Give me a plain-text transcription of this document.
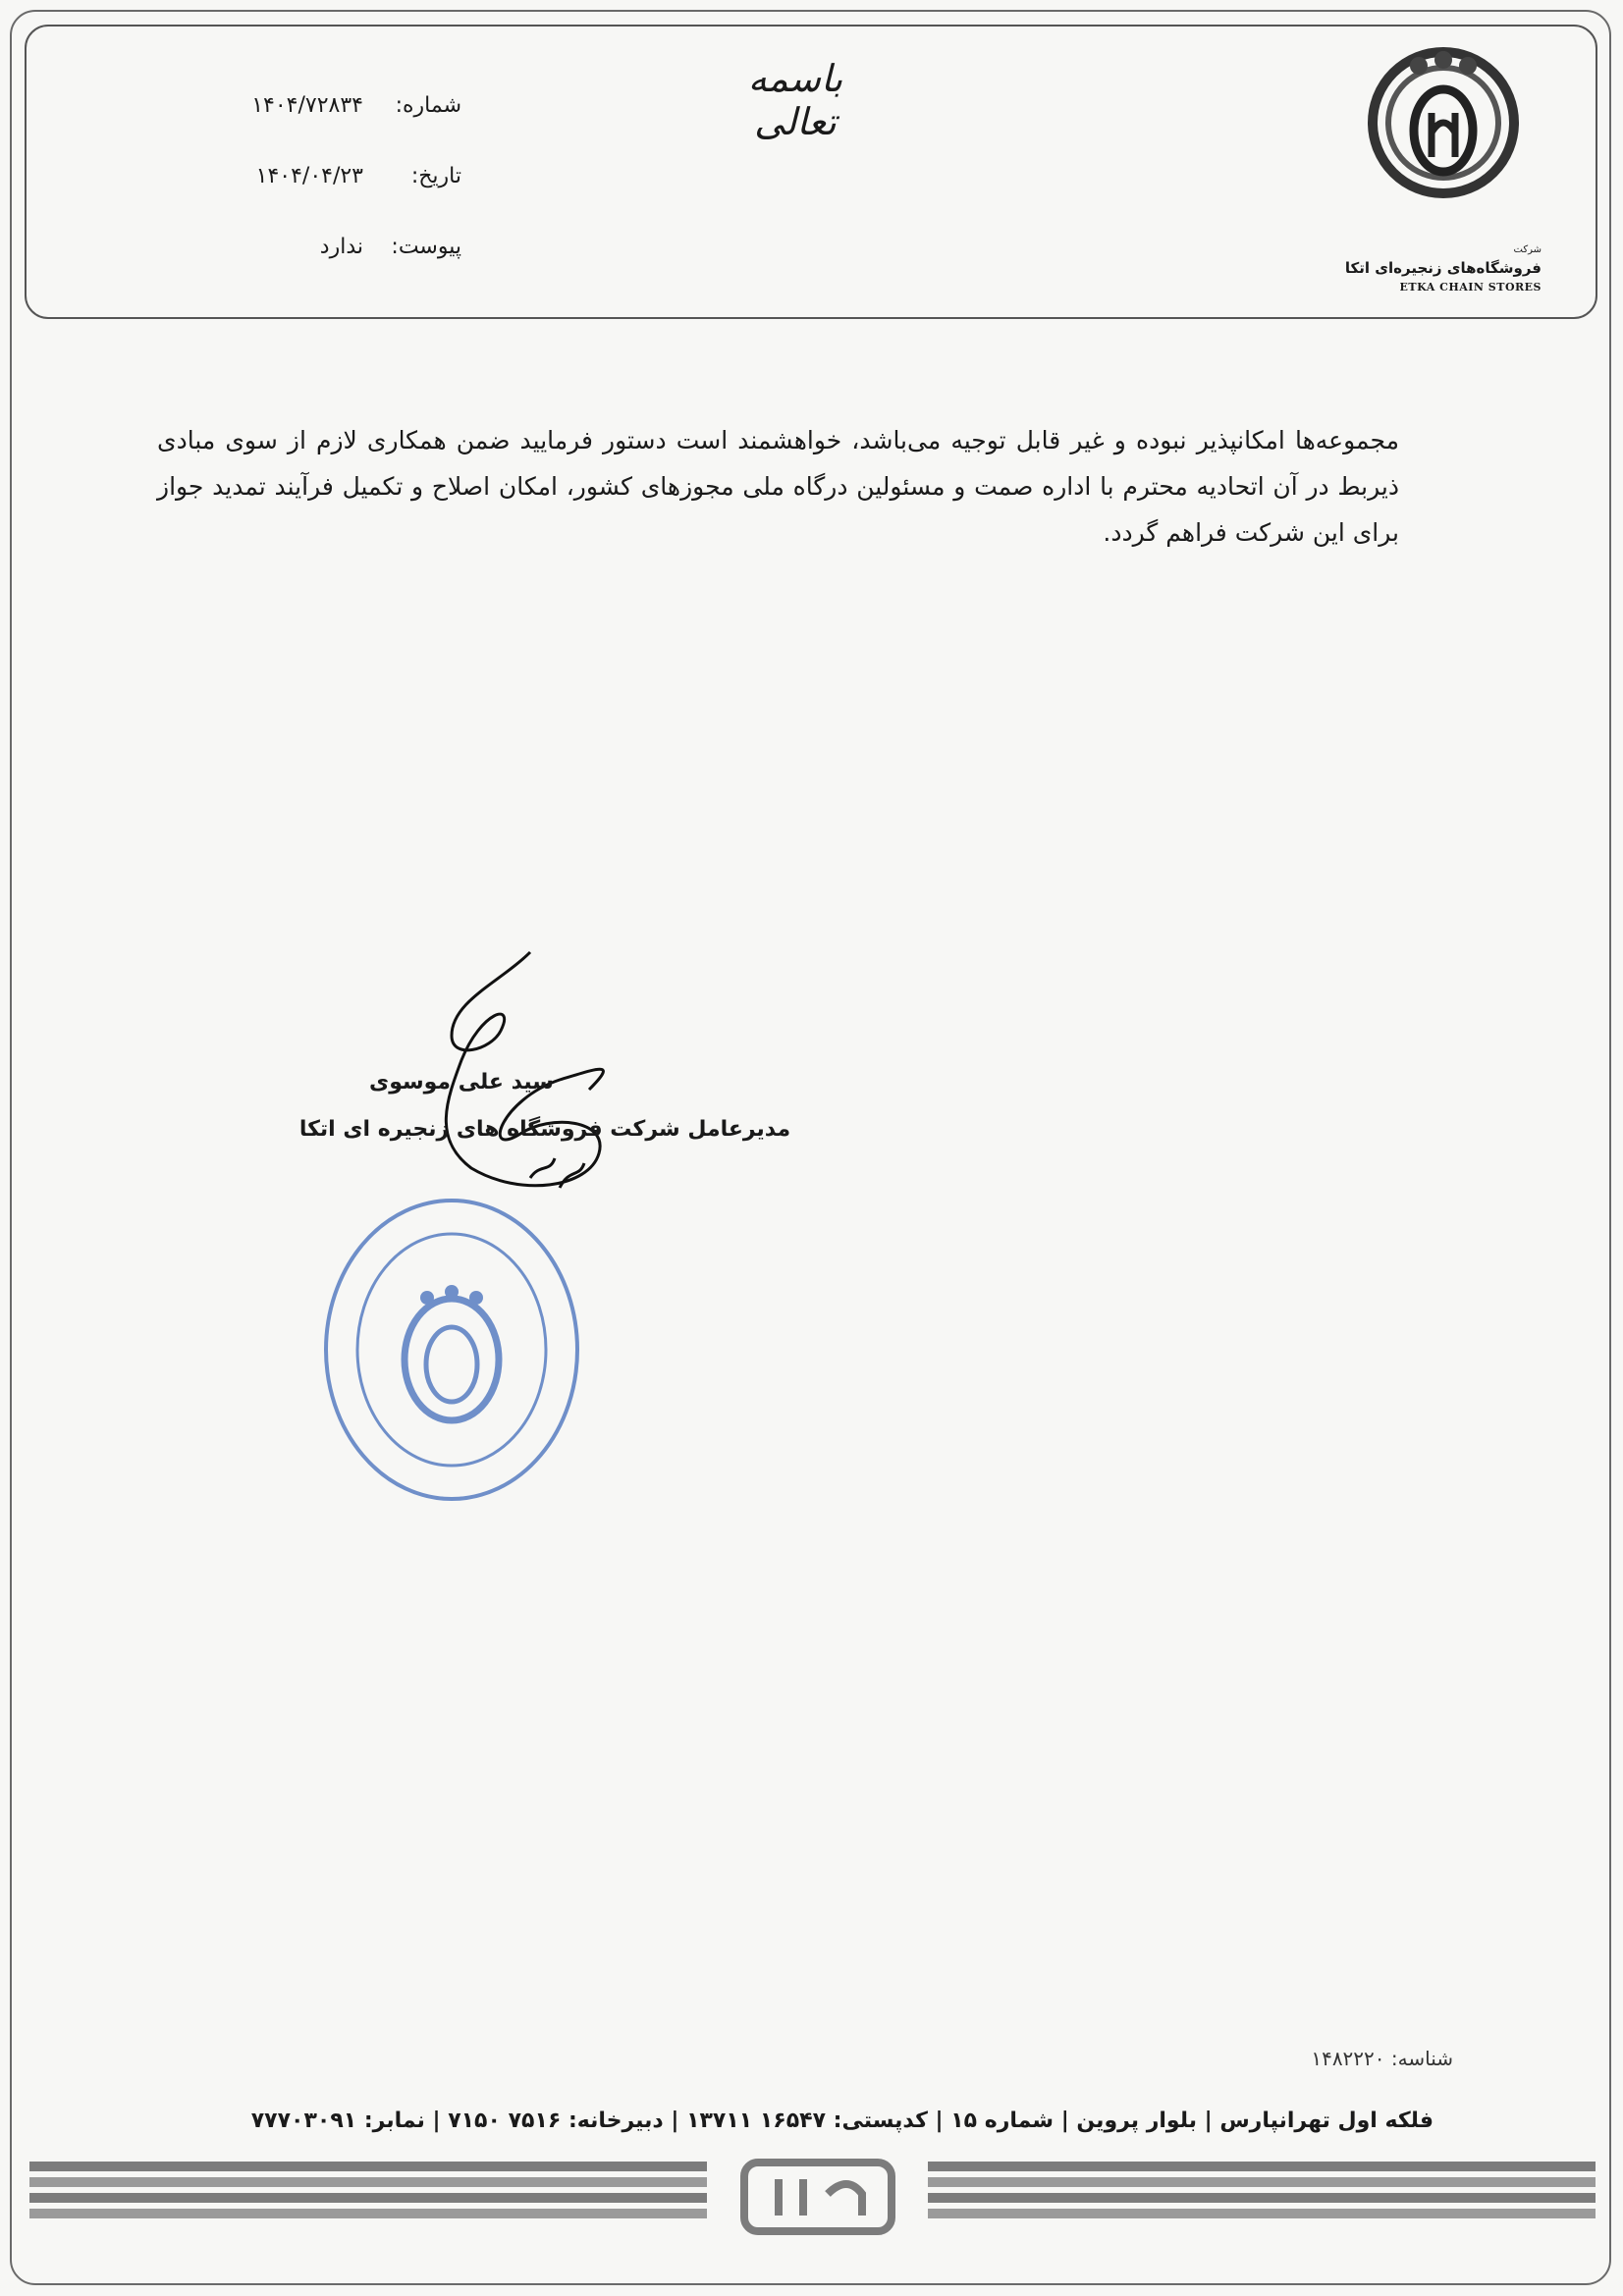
شرکت
فروشگاه‌های زنجیره‌ای اتکا
ETKA CHAIN STORES
باسمه تعالی
شماره:
۱۴۰۴/۷۲۸۳۴
تاریخ:
۱۴۰۴/۰۴/۲۳
پیوست:
ندارد
مجموعه‌ها امکانپذیر نبوده و غیر قابل توجیه می‌باشد، خواهشمند است دستور فرمایید ضمن همکاری لازم از سوی مبادی ذیربط در آن اتحادیه محترم با اداره صمت و مسئولین درگاه ملی مجوزهای کشور، امکان اصلاح و تکمیل فرآیند تمدید جواز برای این شرکت فراهم گردد.
سید علی موسوی
مدیرعامل شرکت فروشگاه های زنجیره ای اتکا
شناسه: ۱۴۸۲۲۲۰
فلکه اول تهرانپارس | بلوار پروین | شماره ۱۵ | کدپستی: ۱۶۵۴۷ ۱۳۷۱۱ | دبیرخانه: ۷۵۱۶ ۷۱۵۰ | نمابر: ۷۷۷۰۳۰۹۱
